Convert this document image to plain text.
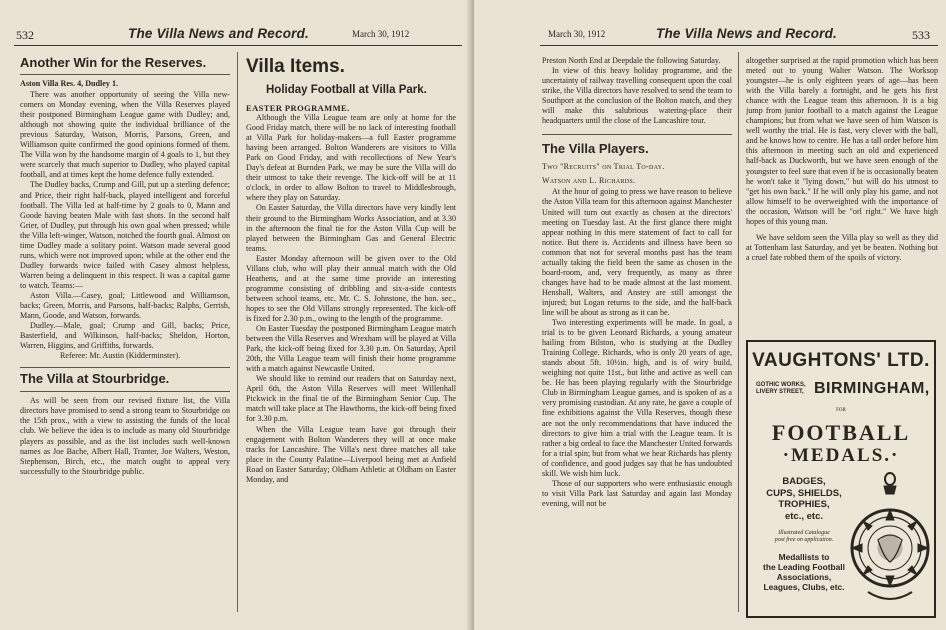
532	The Villa News and Record.	March 30, 1912

Another Win for the Reserves.

Aston Villa Res. 4, Dudley 1.

There was another opportunity of seeing the Villa new-comers on Monday evening, when the Villa Reserves played their postponed Birmingham League game with Dudley; and, although not showing quite the individual brilliance of the previous Saturday, Watson, Morris, Parsons, Green, and Williamson quite confirmed the good opinions formed of them. The Villa won by the handsome margin of 4 goals to 1, but they were scarcely that much superior to Dudley, who played capital football, and at times kept the home defence fully extended.

The Dudley backs, Crump and Gill, put up a sterling defence; and Price, their right half-back, played intelligent and forceful football. The Villa led at half-time by 2 goals to 0, Mann and Goode having beaten Male with fast shots. In the second half Grier, of Dudley, put through his own goal when pressed; while the Villa left-winger, Watson, notched the fourth goal. Almost on time Dudley made a solitary point. Watson made several good runs, which were not improved upon; while at the other end the Dudley forwards twice failed with Casey almost helpless, Warren being a delinquent in this respect. It was a capital game to watch. Teams:—

Aston Villa.—Casey, goal; Littlewood and Williamson, backs; Green, Morris, and Parsons, half-backs; Ralphs, Gerrish, Mann, Goode, and Watson, forwards.

Dudley.—Male, goal; Crump and Gill, backs; Price, Basterfield, and Wilkinson, half-backs; Sheldon, Horton, Warren, Higgins, and Griffiths, forwards.

Referee: Mr. Austin (Kidderminster).

The Villa at Stourbridge.

As will be seen from our revised fixture list, the Villa directors have promised to send a strong team to Stourbridge on the 15th prox., with a view to assisting the funds of the local club. We believe the idea is to include as many old Stourbridge players as possible, and as the list includes such well-known names as Joe Bache, Albert Hall, Tranter, Joe Walters, Weston, Stephenson, Birch, etc., the match ought to appeal very successfully to the Stourbridge public.

Villa Items.

Holiday Football at Villa Park.

EASTER PROGRAMME.

Although the Villa League team are only at home for the Good Friday match, there will be no lack of interesting football at Villa Park for holiday-makers—a full Easter programme having been arranged. Bolton Wanderers are visitors to Villa Park on Good Friday, and with recollections of New Year's Day's defeat at Burnden Park, we may be sure the Villa will do their utmost to take their revenge. The kick-off will be at 11 o'clock, in order to allow Bolton to travel to Middlesbrough, where they play on Saturday.

On Easter Saturday, the Villa directors have very kindly lent their ground to the Birmingham Works Association, and at 3.30 in the afternoon the final tie for the Aston Villa Cup will be played between the Birmingham Gas and General Electric teams.

Easter Monday afternoon will be given over to the Old Villans club, who will play their annual match with the Old Heathens, and at the same time provide an interesting programme consisting of dribbling and six-a-side contests between school teams, etc. Mr. C. S. Johnstone, the hon. sec., hopes to see the Old Villans strongly represented. The kick-off is fixed for 2.30 p.m., owing to the length of the programme.

On Easter Tuesday the postponed Birmingham League match between the Villa Reserves and Wrexham will be played at Villa Park, the kick-off being fixed for 3.30 p.m. On Saturday, April 20th, the Villa League team will finish their home programme with a match against Newcastle United.

We should like to remind our readers that on Saturday next, April 6th, the Aston Villa Reserves will meet Willenhall Pickwick in the final tie of the Birmingham Senior Cup. The match will take place at The Hawthorns, the kick-off being fixed for 3.30 p.m.

When the Villa League team have got through their engagement with Bolton Wanderers they will at once make tracks for Lancashire. The Villa's next three matches all take place in the County Palatine—Liverpool being met at Anfield Road on Easter Saturday; Oldham Athletic at Oldham on Easter Monday, and

March 30, 1912	The Villa News and Record.	533

Preston North End at Deepdale the following Saturday.

In view of this heavy holiday programme, and the uncertainty of railway travelling consequent upon the coal strike, the Villa directors have resolved to send the team to Southport at the conclusion of the Bolton match, and they will make this salubrious watering-place their headquarters until the close of the Lancashire tour.

The Villa Players.

Two "Recruits" on Trial To-day.

Watson and L. Richards.

At the hour of going to press we have reason to believe the Aston Villa team for this afternoon against Manchester United will turn out exactly as chosen at the directors' meeting on Tuesday last. At the first glance there might appear nothing in this mere statement of fact to call for notice. But there is. Accidents and illness have been so common that not for several months past has the team actually taking the field been the same as chosen in the board-room, and, very frequently, as many as three changes have had to be made almost at the last moment. Henshall, Walters, and Anstey are still amongst the injured; but Logan returns to the side, and the half-back line will be about as strong as it can be.

Two interesting experiments will be made. In goal, a trial is to be given Leonard Richards, a young amateur hailing from Bilston, who is studying at the Dudley Training College. Richards, who is only 20 years of age, stands about 5ft. 10½in. high, and is of wiry build, weighing not quite 11st., but lithe and active as well can be. He has been playing regularly with the Stourbridge Club in Birmingham League games, and is spoken of as a very promising custodian. At any rate, he gave a couple of fine exhibitions against the Villa Reserves, though these are not the only recommendations that have induced the directors to give him a trial with the League team. It is rather a big ordeal to face the Manchester United forwards for a trial spin; but from what we hear Richards has plenty of confidence, and good judges say that he has undoubted skill. We wish him luck.

Those of our supporters who were enthusiastic enough to visit Villa Park last Saturday and again last Monday evening, will not be

altogether surprised at the rapid promotion which has been meted out to young Walter Watson. The Worksop youngster—he is only eighteen years of age—has been with the Villa barely a fortnight, and he gets his first chance with the League team this afternoon. It is a big jump from junior football to a match against the League champions; but from what we have seen of him Watson is well worthy the trial. He is fast, very clever with the ball, and he knows how to centre. He has a tall order before him this afternoon in meeting such an old and experienced half-back as Duckworth, but we have seen enough of the youngster to feel sure that even if he is occasionally beaten he won't take it "lying down," but will do his utmost to "get his own back." If he will only play his game, and not allow himself to be overweighted with the importance of the occasion, Watson will be "orl right." We have high hopes of this young man.

We have seldom seen the Villa play so well as they did at Tottenham last Saturday, and yet be beaten. Nothing but a cruel fate robbed them of the spoils of victory.

VAUGHTONS' LTD.
GOTHIC WORKS,
LIVERY STREET, BIRMINGHAM,
FOR
FOOTBALL
·MEDALS.·
BADGES,
CUPS, SHIELDS,
TROPHIES,
etc., etc.
Illustrated Catalogue
post free on application.
Medallists to
the Leading Football
Associations,
Leagues, Clubs, etc.
